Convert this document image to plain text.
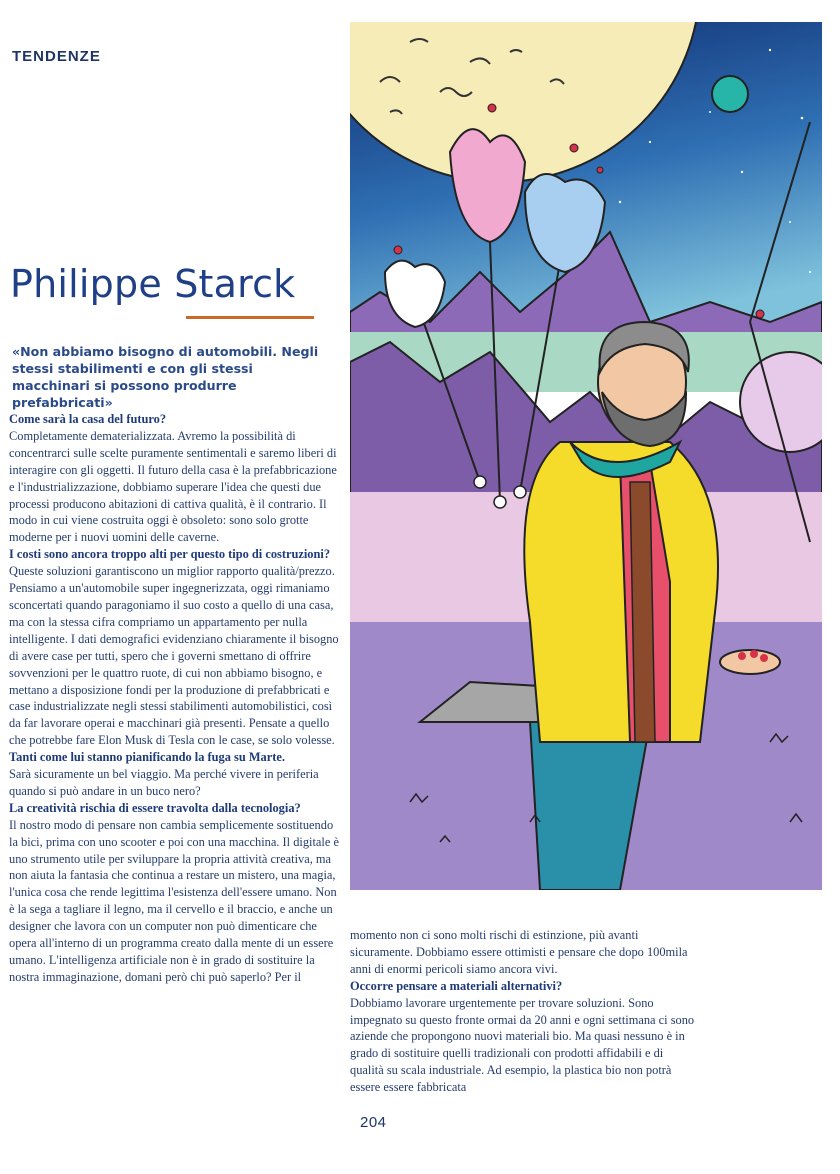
TENDENZE
Philippe Starck

«Non abbiamo bisogno di automobili. Negli stessi stabilimenti e con gli stessi macchinari si possono produrre prefabbricati»

Come sarà la casa del futuro?

Completamente dematerializzata. Avremo la possibilità di concentrarci sulle scelte puramente sentimentali e saremo liberi di interagire con gli oggetti. Il futuro della casa è la prefabbricazione e l'industrializzazione, dobbiamo superare l'idea che questi due processi producono abitazioni di cattiva qualità, è il contrario. Il modo in cui viene costruita oggi è obsoleto: sono solo grotte moderne per i nuovi uomini delle caverne.

I costi sono ancora troppo alti per questo tipo di costruzioni?

Queste soluzioni garantiscono un miglior rapporto qualità/prezzo. Pensiamo a un'automobile super ingegnerizzata, oggi rimaniamo sconcertati quando paragoniamo il suo costo a quello di una casa, ma con la stessa cifra compriamo un appartamento per nulla intelligente. I dati demografici evidenziano chiaramente il bisogno di avere case per tutti, spero che i governi smettano di offrire sovvenzioni per le quattro ruote, di cui non abbiamo bisogno, e mettano a disposizione fondi per la produzione di prefabbricati e case industrializzate negli stessi stabilimenti automobilistici, così da far lavorare operai e macchinari già presenti. Pensate a quello che potrebbe fare Elon Musk di Tesla con le case, se solo volesse.

Tanti come lui stanno pianificando la fuga su Marte.

Sarà sicuramente un bel viaggio. Ma perché vivere in periferia quando si può andare in un buco nero?

La creatività rischia di essere travolta dalla tecnologia?

Il nostro modo di pensare non cambia semplicemente sostituendo la bici, prima con uno scooter e poi con una macchina. Il digitale è uno strumento utile per sviluppare la propria attività creativa, ma non aiuta la fantasia che continua a restare un mistero, una magia, l'unica cosa che rende legittima l'esistenza dell'essere umano. Non è la sega a tagliare il legno, ma il cervello e il braccio, e anche un designer che lavora con un computer non può dimenticare che opera all'interno di un programma creato dalla mente di un essere umano. L'intelligenza artificiale non è in grado di sostituire la nostra immaginazione, domani però chi può saperlo? Per il

momento non ci sono molti rischi di estinzione, più avanti sicuramente. Dobbiamo essere ottimisti e pensare che dopo 100mila anni di enormi pericoli siamo ancora vivi.

Occorre pensare a materiali alternativi?

Dobbiamo lavorare urgentemente per trovare soluzioni. Sono impegnato su questo fronte ormai da 20 anni e ogni settimana ci sono aziende che propongono nuovi materiali bio. Ma quasi nessuno è in grado di sostituire quelli tradizionali con prodotti affidabili e di qualità su scala industriale. Ad esempio, la plastica bio non potrà essere essere fabbricata

204
